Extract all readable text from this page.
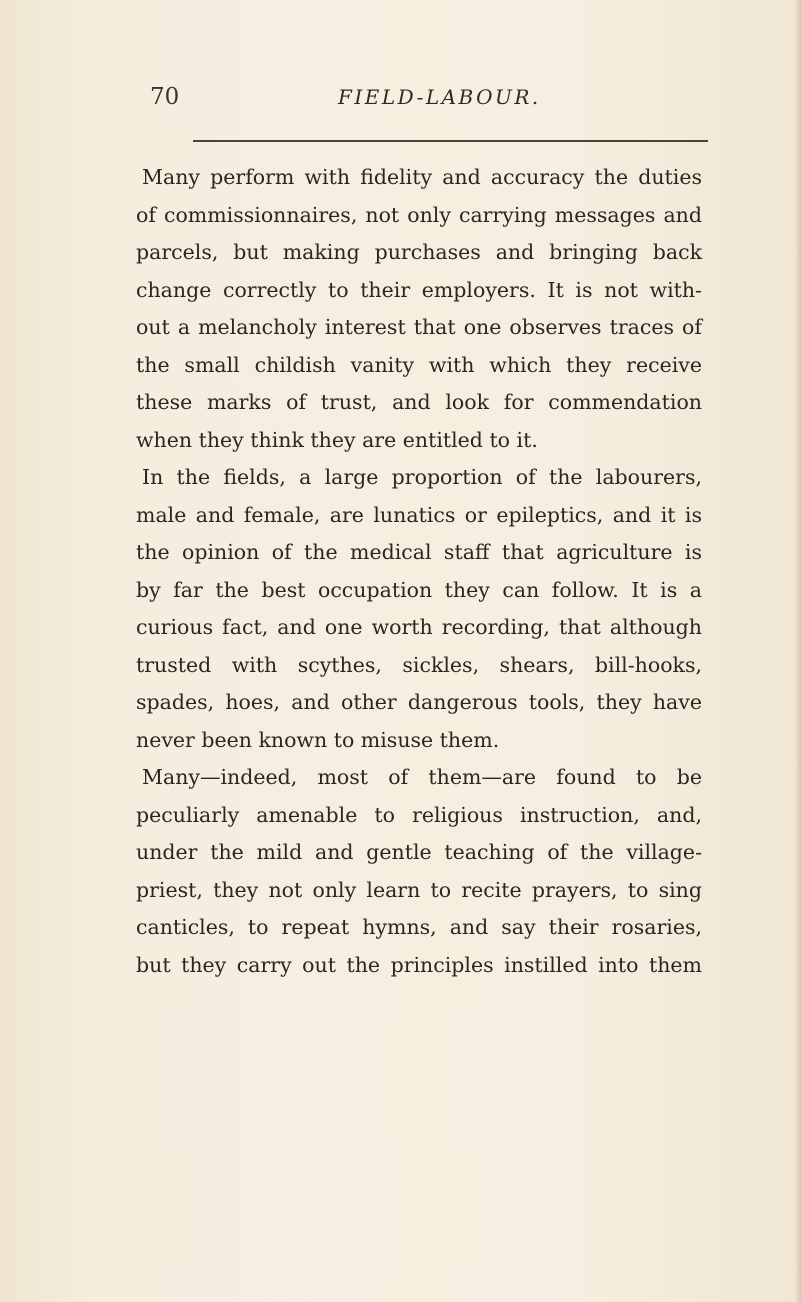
70	FIELD-LABOUR.
Many perform with fidelity and accuracy the duties
of commissionnaires, not only carrying messages and
parcels, but making purchases and bringing back
change correctly to their employers. It is not with-
out a melancholy interest that one observes traces of
the small childish vanity with which they receive
these marks of trust, and look for commendation
when they think they are entitled to it.
In the fields, a large proportion of the labourers,
male and female, are lunatics or epileptics, and it is
the opinion of the medical staff that agriculture is
by far the best occupation they can follow. It is a
curious fact, and one worth recording, that although
trusted with scythes, sickles, shears, bill-hooks,
spades, hoes, and other dangerous tools, they have
never been known to misuse them.
Many—indeed, most of them—are found to be
peculiarly amenable to religious instruction, and,
under the mild and gentle teaching of the village-
priest, they not only learn to recite prayers, to sing
canticles, to repeat hymns, and say their rosaries,
but they carry out the principles instilled into them
